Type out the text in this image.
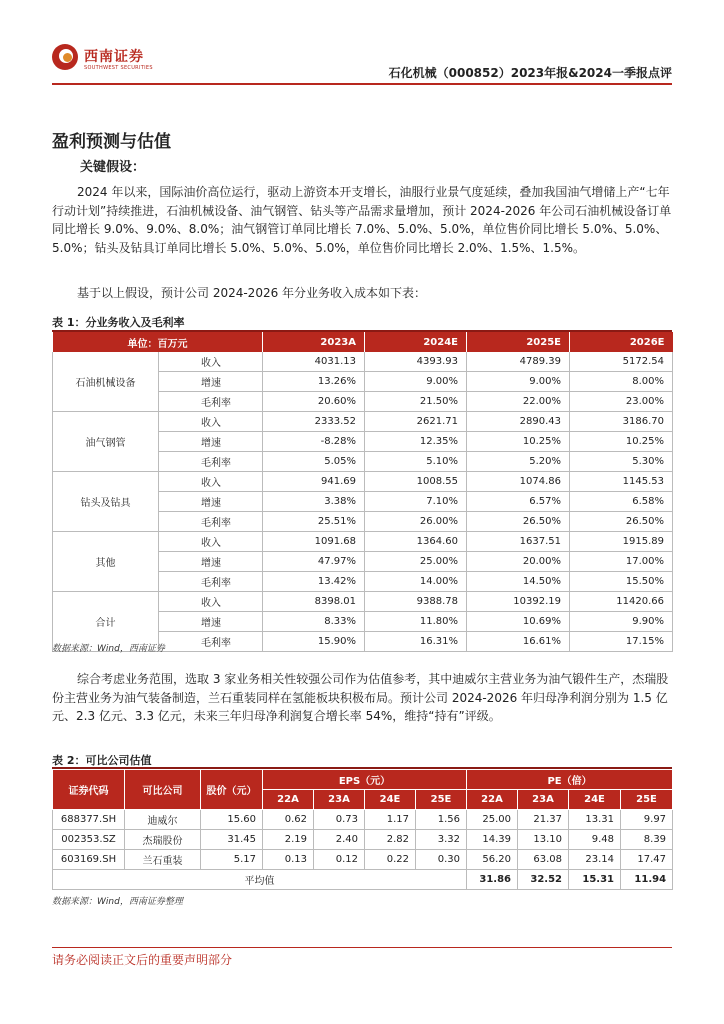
西南证券
SOUTHWEST SECURITIES	石化机械（000852）2023年报&2024一季报点评
盈利预测与估值
关键假设：
2024 年以来，国际油价高位运行，驱动上游资本开支增长，油服行业景气度延续，叠加我国油气增储上产“七年行动计划”持续推进，石油机械设备、油气钢管、钻头等产品需求量增加，预计 2024-2026 年公司石油机械设备订单同比增长 9.0%、9.0%、8.0%；油气钢管订单同比增长 7.0%、5.0%、5.0%，单位售价同比增长 5.0%、5.0%、5.0%；钻头及钻具订单同比增长 5.0%、5.0%、5.0%，单位售价同比增长 2.0%、1.5%、1.5%。
基于以上假设，预计公司 2024-2026 年分业务收入成本如下表：
表 1：分业务收入及毛利率
单位：百万元		2023A	2024E	2025E	2026E
石油机械设备	收入	4031.13	4393.93	4789.39	5172.54
	增速	13.26%	9.00%	9.00%	8.00%
	毛利率	20.60%	21.50%	22.00%	23.00%
油气钢管	收入	2333.52	2621.71	2890.43	3186.70
	增速	-8.28%	12.35%	10.25%	10.25%
	毛利率	5.05%	5.10%	5.20%	5.30%
钻头及钻具	收入	941.69	1008.55	1074.86	1145.53
	增速	3.38%	7.10%	6.57%	6.58%
	毛利率	25.51%	26.00%	26.50%	26.50%
其他	收入	1091.68	1364.60	1637.51	1915.89
	增速	47.97%	25.00%	20.00%	17.00%
	毛利率	13.42%	14.00%	14.50%	15.50%
合计	收入	8398.01	9388.78	10392.19	11420.66
	增速	8.33%	11.80%	10.69%	9.90%
	毛利率	15.90%	16.31%	16.61%	17.15%
数据来源：Wind，西南证券
综合考虑业务范围，选取 3 家业务相关性较强公司作为估值参考，其中迪威尔主营业务为油气锻件生产，杰瑞股份主营业务为油气装备制造，兰石重装同样在氢能板块积极布局。预计公司 2024-2026 年归母净利润分别为 1.5 亿元、2.3 亿元、3.3 亿元，未来三年归母净利润复合增长率 54%，维持“持有”评级。
表 2：可比公司估值
证券代码	可比公司	股价（元）	EPS（元）				PE（倍）			
			22A	23A	24E	25E	22A	23A	24E	25E
688377.SH	迪威尔	15.60	0.62	0.73	1.17	1.56	25.00	21.37	13.31	9.97
002353.SZ	杰瑞股份	31.45	2.19	2.40	2.82	3.32	14.39	13.10	9.48	8.39
603169.SH	兰石重装	5.17	0.13	0.12	0.22	0.30	56.20	63.08	23.14	17.47
平均值							31.86	32.52	15.31	11.94
数据来源：Wind，西南证券整理
请务必阅读正文后的重要声明部分
